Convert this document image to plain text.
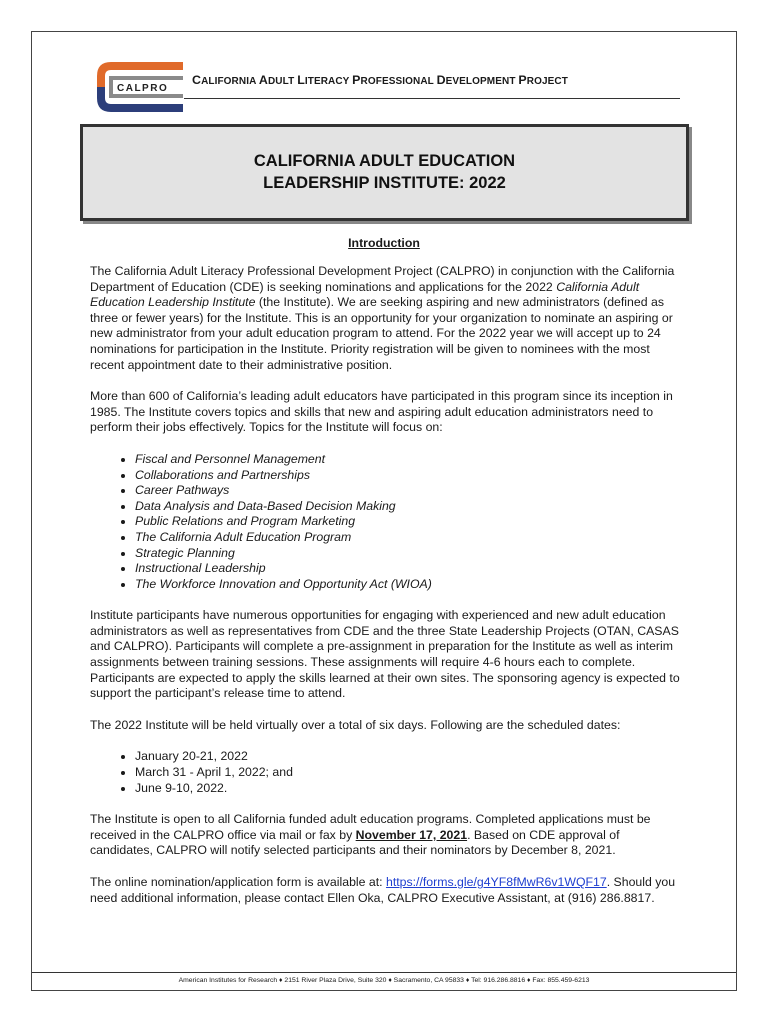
CALPRO
CALIFORNIA ADULT LITERACY PROFESSIONAL DEVELOPMENT PROJECT
CALIFORNIA ADULT EDUCATION
LEADERSHIP INSTITUTE: 2022
Introduction

The California Adult Literacy Professional Development Project (CALPRO) in conjunction with the California Department of Education (CDE) is seeking nominations and applications for the 2022 California Adult Education Leadership Institute (the Institute). We are seeking aspiring and new administrators (defined as three or fewer years) for the Institute. This is an opportunity for your organization to nominate an aspiring or new administrator from your adult education program to attend. For the 2022 year we will accept up to 24 nominations for participation in the Institute. Priority registration will be given to nominees with the most recent appointment date to their administrative position.

More than 600 of California’s leading adult educators have participated in this program since its inception in 1985. The Institute covers topics and skills that new and aspiring adult education administrators need to perform their jobs effectively. Topics for the Institute will focus on:

• Fiscal and Personnel Management
• Collaborations and Partnerships
• Career Pathways
• Data Analysis and Data-Based Decision Making
• Public Relations and Program Marketing
• The California Adult Education Program
• Strategic Planning
• Instructional Leadership
• The Workforce Innovation and Opportunity Act (WIOA)

Institute participants have numerous opportunities for engaging with experienced and new adult education administrators as well as representatives from CDE and the three State Leadership Projects (OTAN, CASAS and CALPRO). Participants will complete a pre-assignment in preparation for the Institute as well as interim assignments between training sessions. These assignments will require 4-6 hours each to complete. Participants are expected to apply the skills learned at their own sites. The sponsoring agency is expected to support the participant’s release time to attend.

The 2022 Institute will be held virtually over a total of six days. Following are the scheduled dates:

• January 20-21, 2022
• March 31 - April 1, 2022; and
• June 9-10, 2022.

The Institute is open to all California funded adult education programs. Completed applications must be received in the CALPRO office via mail or fax by November 17, 2021. Based on CDE approval of candidates, CALPRO will notify selected participants and their nominators by December 8, 2021.

The online nomination/application form is available at: https://forms.gle/g4YF8fMwR6v1WQF17. Should you need additional information, please contact Ellen Oka, CALPRO Executive Assistant, at (916) 286.8817.

American Institutes for Research ♦ 2151 River Plaza Drive, Suite 320 ♦ Sacramento, CA 95833 ♦ Tel: 916.286.8816 ♦ Fax: 855.459-6213
